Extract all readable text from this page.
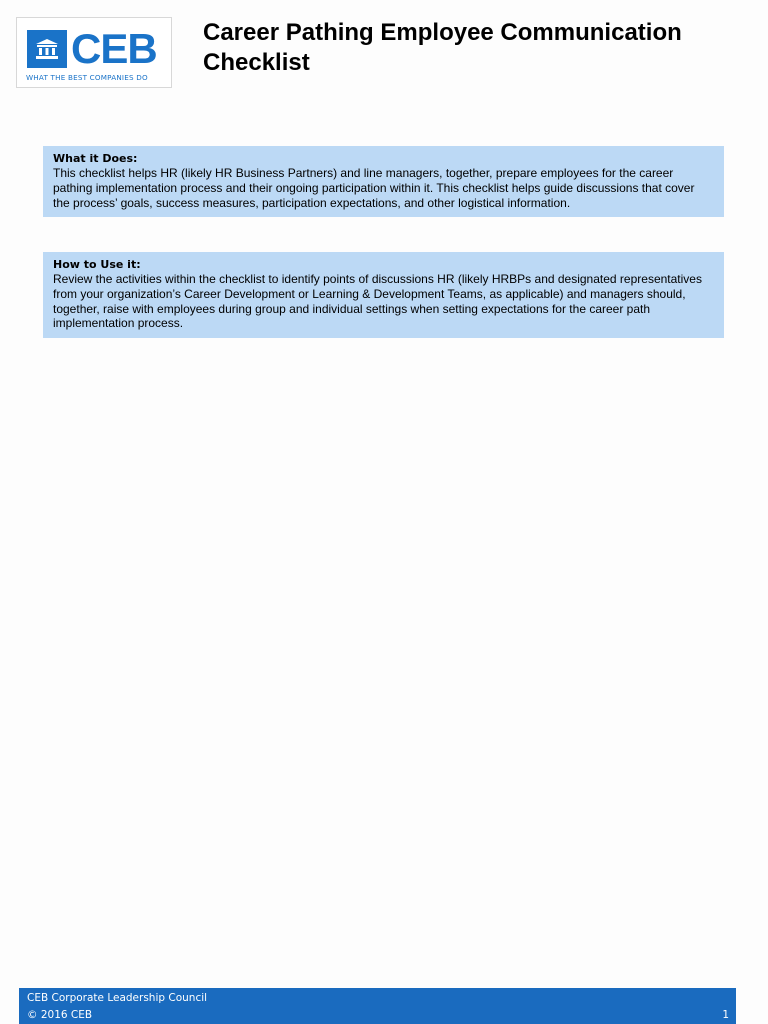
CEB
WHAT THE BEST COMPANIES DO
Career Pathing Employee Communication Checklist

What it Does:

This checklist helps HR (likely HR Business Partners) and line managers, together, prepare employees for the career pathing implementation process and their ongoing participation within it. This checklist helps guide discussions that cover the process’ goals, success measures, participation expectations, and other logistical information.

How to Use it:

Review the activities within the checklist to identify points of discussions HR (likely HRBPs and designated representatives from your organization’s Career Development or Learning & Development Teams, as applicable) and managers should, together, raise with employees during group and individual settings when setting expectations for the career path implementation process.

CEB Corporate Leadership Council
© 2016 CEB	1
